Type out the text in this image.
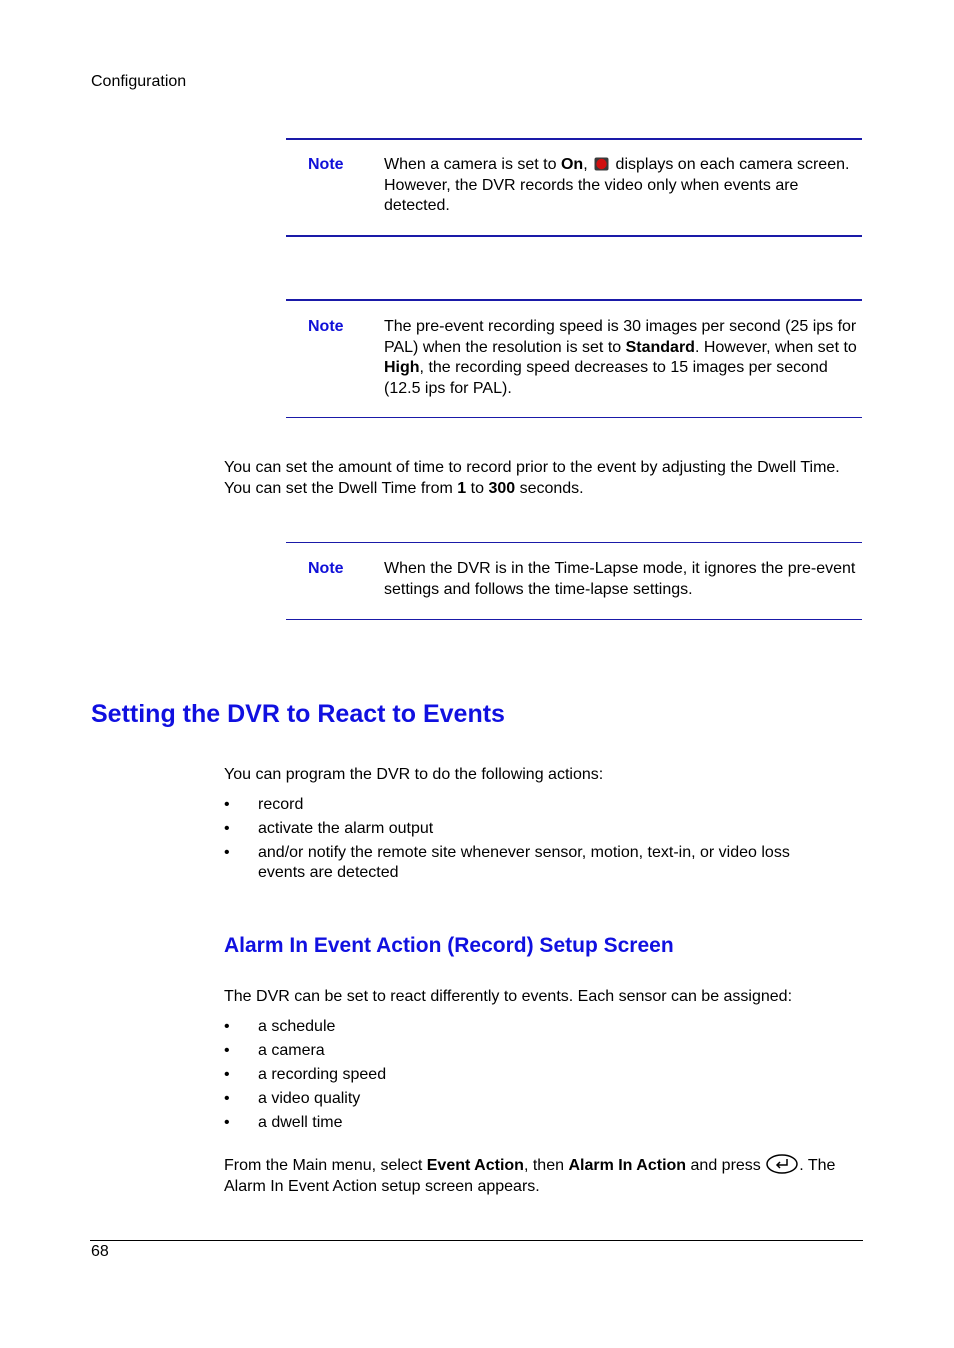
Configuration
Note	When a camera is set to On,  displays on each camera screen. However, the DVR records the video only when events are detected.
Note	The pre-event recording speed is 30 images per second (25 ips for PAL) when the resolution is set to Standard. However, when set to High, the recording speed decreases to 15 images per second (12.5 ips for PAL).
You can set the amount of time to record prior to the event by adjusting the Dwell Time. You can set the Dwell Time from 1 to 300 seconds.
Note	When the DVR is in the Time-Lapse mode, it ignores the pre-event settings and follows the time-lapse settings.
Setting the DVR to React to Events
You can program the DVR to do the following actions:
• record
• activate the alarm output
• and/or notify the remote site whenever sensor, motion, text-in, or video loss events are detected
Alarm In Event Action (Record) Setup Screen
The DVR can be set to react differently to events. Each sensor can be assigned:
• a schedule
• a camera
• a recording speed
• a video quality
• a dwell time
From the Main menu, select Event Action, then Alarm In Action and press . The Alarm In Event Action setup screen appears.
68
